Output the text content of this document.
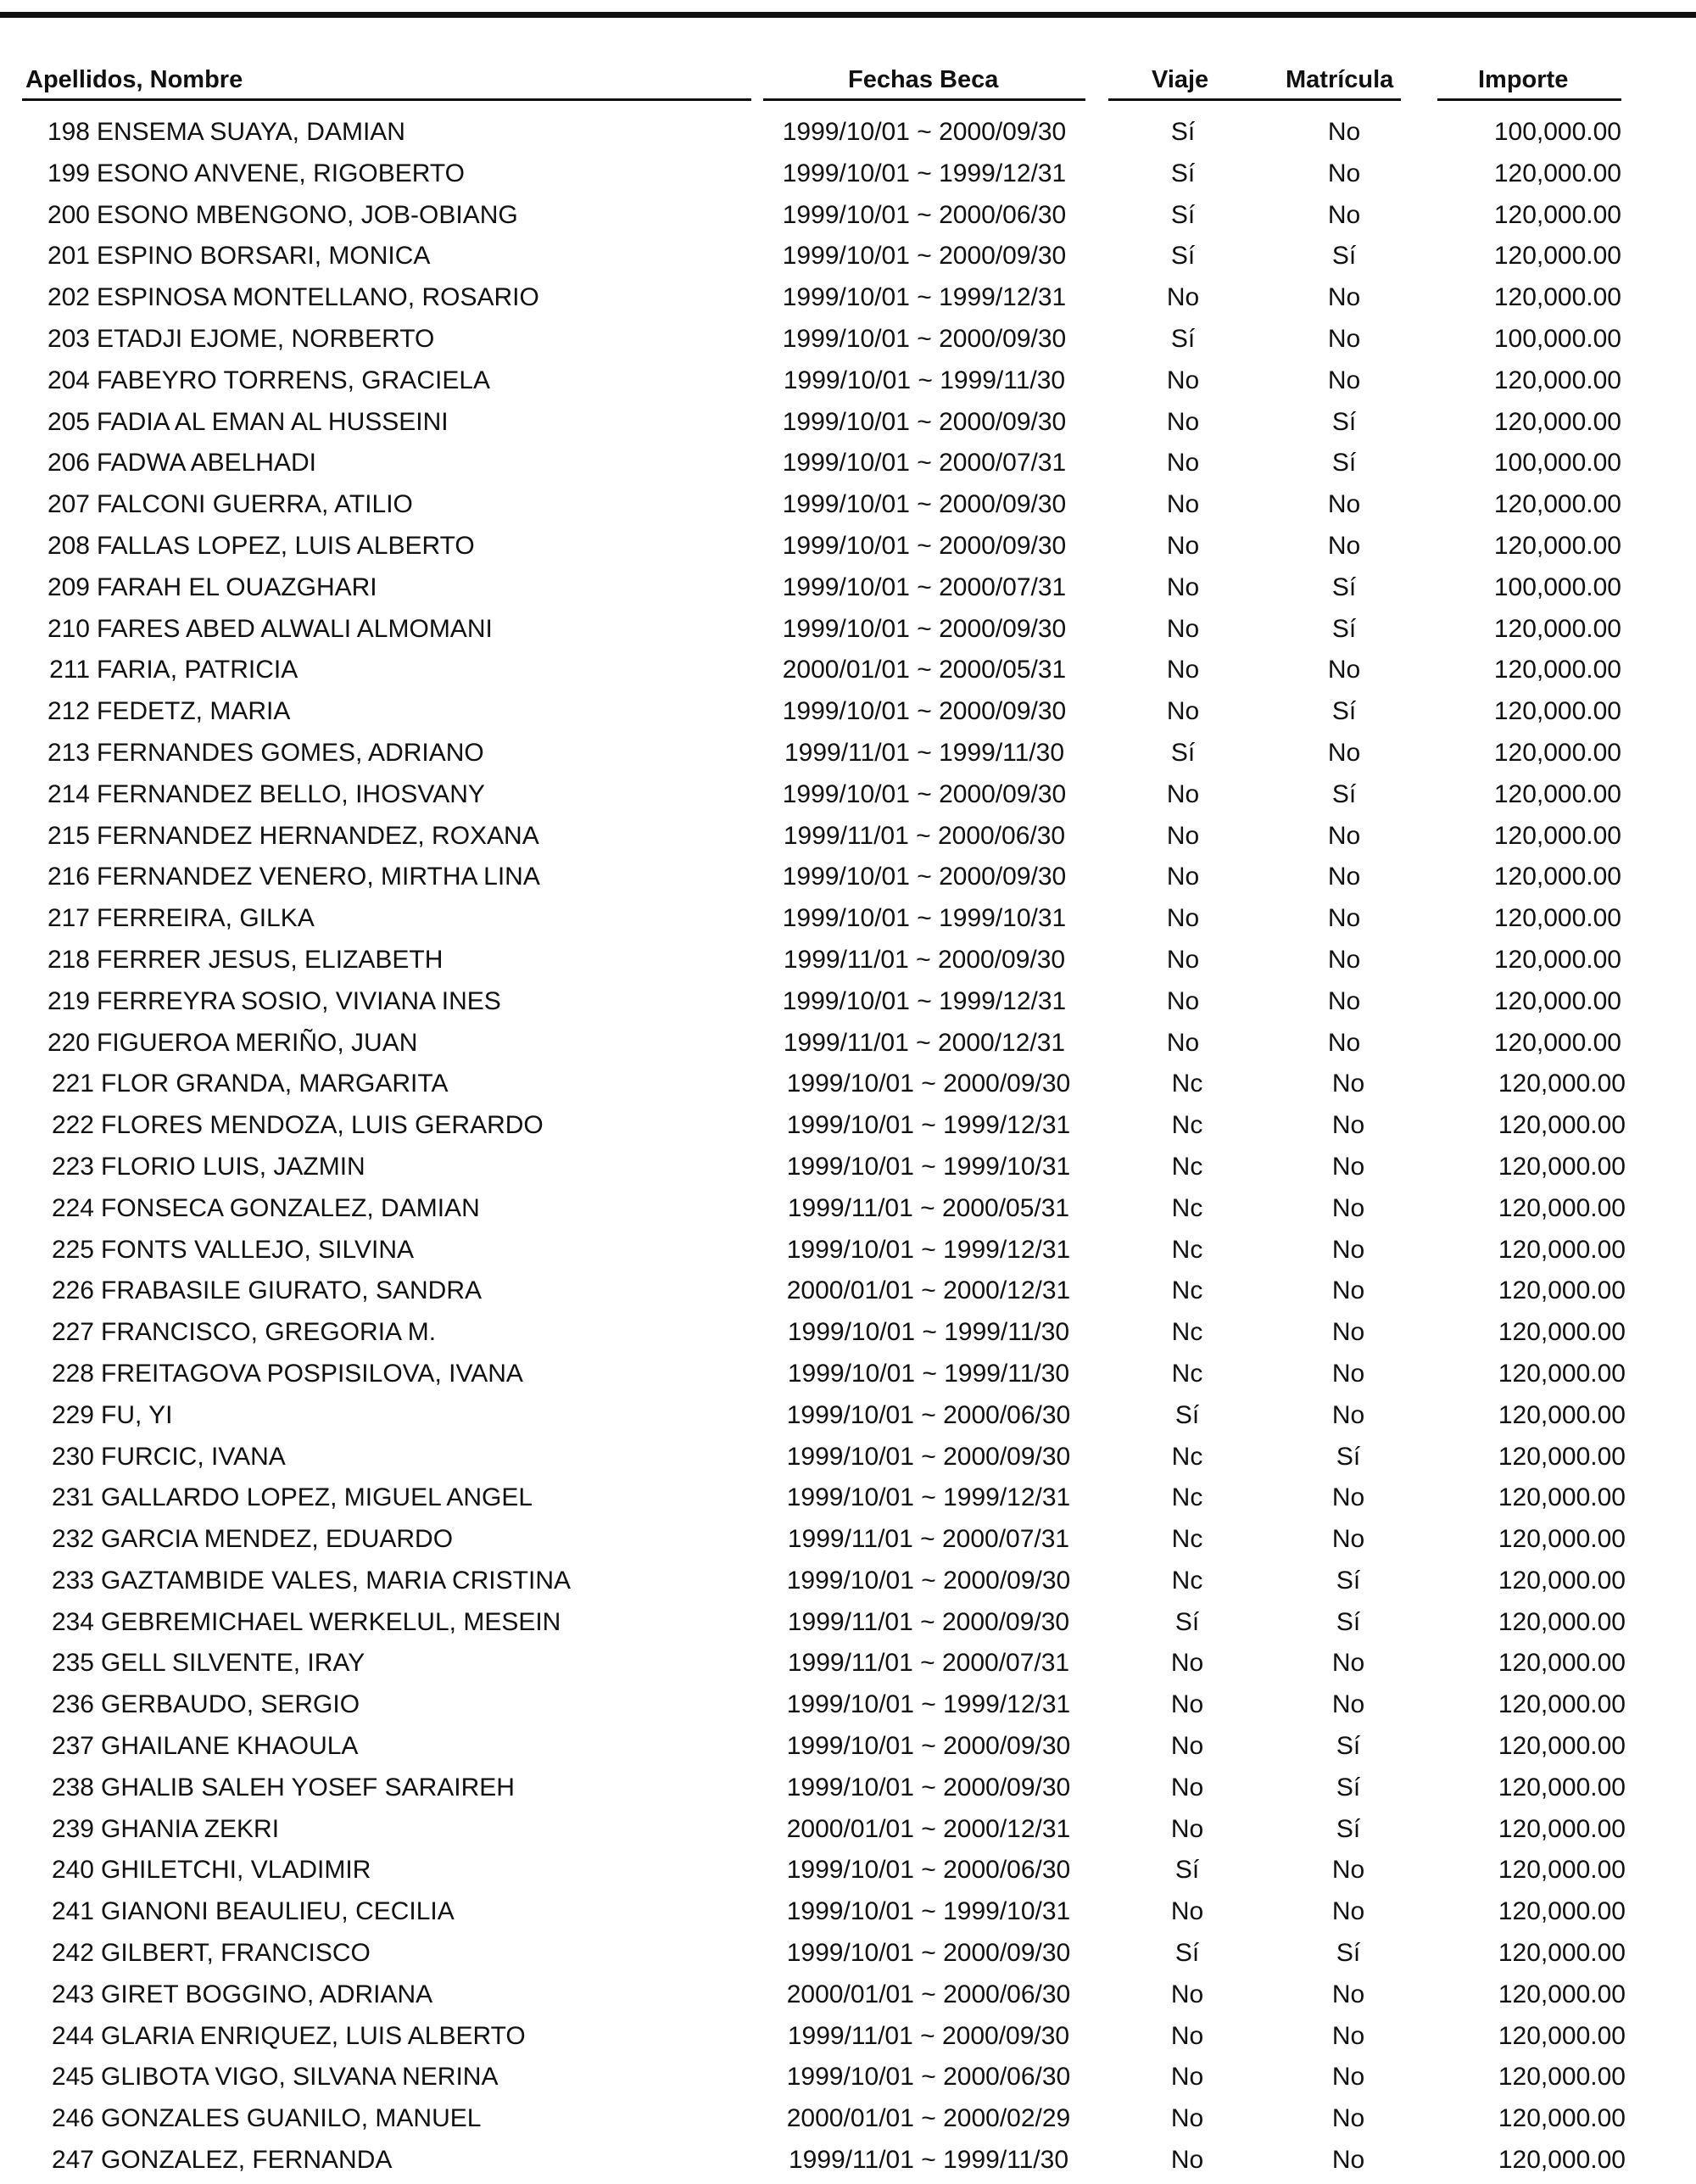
Apellidos, Nombre	Fechas Beca	Viaje	Matrícula	Importe
198 ENSEMA SUAYA, DAMIAN	1999/10/01 ~ 2000/09/30	Sí	No	100,000.00
199 ESONO ANVENE, RIGOBERTO	1999/10/01 ~ 1999/12/31	Sí	No	120,000.00
200 ESONO MBENGONO, JOB-OBIANG	1999/10/01 ~ 2000/06/30	Sí	No	120,000.00
201 ESPINO BORSARI, MONICA	1999/10/01 ~ 2000/09/30	Sí	Sí	120,000.00
202 ESPINOSA MONTELLANO, ROSARIO	1999/10/01 ~ 1999/12/31	No	No	120,000.00
203 ETADJI EJOME, NORBERTO	1999/10/01 ~ 2000/09/30	Sí	No	100,000.00
204 FABEYRO TORRENS, GRACIELA	1999/10/01 ~ 1999/11/30	No	No	120,000.00
205 FADIA AL EMAN AL HUSSEINI	1999/10/01 ~ 2000/09/30	No	Sí	120,000.00
206 FADWA ABELHADI	1999/10/01 ~ 2000/07/31	No	Sí	100,000.00
207 FALCONI GUERRA, ATILIO	1999/10/01 ~ 2000/09/30	No	No	120,000.00
208 FALLAS LOPEZ, LUIS ALBERTO	1999/10/01 ~ 2000/09/30	No	No	120,000.00
209 FARAH EL OUAZGHARI	1999/10/01 ~ 2000/07/31	No	Sí	100,000.00
210 FARES ABED ALWALI ALMOMANI	1999/10/01 ~ 2000/09/30	No	Sí	120,000.00
211 FARIA, PATRICIA	2000/01/01 ~ 2000/05/31	No	No	120,000.00
212 FEDETZ, MARIA	1999/10/01 ~ 2000/09/30	No	Sí	120,000.00
213 FERNANDES GOMES, ADRIANO	1999/11/01 ~ 1999/11/30	Sí	No	120,000.00
214 FERNANDEZ BELLO, IHOSVANY	1999/10/01 ~ 2000/09/30	No	Sí	120,000.00
215 FERNANDEZ HERNANDEZ, ROXANA	1999/11/01 ~ 2000/06/30	No	No	120,000.00
216 FERNANDEZ VENERO, MIRTHA LINA	1999/10/01 ~ 2000/09/30	No	No	120,000.00
217 FERREIRA, GILKA	1999/10/01 ~ 1999/10/31	No	No	120,000.00
218 FERRER JESUS, ELIZABETH	1999/11/01 ~ 2000/09/30	No	No	120,000.00
219 FERREYRA SOSIO, VIVIANA INES	1999/10/01 ~ 1999/12/31	No	No	120,000.00
220 FIGUEROA MERIÑO, JUAN	1999/11/01 ~ 2000/12/31	No	No	120,000.00
221 FLOR GRANDA, MARGARITA	1999/10/01 ~ 2000/09/30	Nc	No	120,000.00
222 FLORES MENDOZA, LUIS GERARDO	1999/10/01 ~ 1999/12/31	Nc	No	120,000.00
223 FLORIO LUIS, JAZMIN	1999/10/01 ~ 1999/10/31	Nc	No	120,000.00
224 FONSECA GONZALEZ, DAMIAN	1999/11/01 ~ 2000/05/31	Nc	No	120,000.00
225 FONTS VALLEJO, SILVINA	1999/10/01 ~ 1999/12/31	Nc	No	120,000.00
226 FRABASILE GIURATO, SANDRA	2000/01/01 ~ 2000/12/31	Nc	No	120,000.00
227 FRANCISCO, GREGORIA M.	1999/10/01 ~ 1999/11/30	Nc	No	120,000.00
228 FREITAGOVA POSPISILOVA, IVANA	1999/10/01 ~ 1999/11/30	Nc	No	120,000.00
229 FU, YI	1999/10/01 ~ 2000/06/30	Sí	No	120,000.00
230 FURCIC, IVANA	1999/10/01 ~ 2000/09/30	Nc	Sí	120,000.00
231 GALLARDO LOPEZ, MIGUEL ANGEL	1999/10/01 ~ 1999/12/31	Nc	No	120,000.00
232 GARCIA MENDEZ, EDUARDO	1999/11/01 ~ 2000/07/31	Nc	No	120,000.00
233 GAZTAMBIDE VALES, MARIA CRISTINA	1999/10/01 ~ 2000/09/30	Nc	Sí	120,000.00
234 GEBREMICHAEL WERKELUL, MESEIN	1999/11/01 ~ 2000/09/30	Sí	Sí	120,000.00
235 GELL SILVENTE, IRAY	1999/11/01 ~ 2000/07/31	No	No	120,000.00
236 GERBAUDO, SERGIO	1999/10/01 ~ 1999/12/31	No	No	120,000.00
237 GHAILANE KHAOULA	1999/10/01 ~ 2000/09/30	No	Sí	120,000.00
238 GHALIB SALEH YOSEF SARAIREH	1999/10/01 ~ 2000/09/30	No	Sí	120,000.00
239 GHANIA ZEKRI	2000/01/01 ~ 2000/12/31	No	Sí	120,000.00
240 GHILETCHI, VLADIMIR	1999/10/01 ~ 2000/06/30	Sí	No	120,000.00
241 GIANONI BEAULIEU, CECILIA	1999/10/01 ~ 1999/10/31	No	No	120,000.00
242 GILBERT, FRANCISCO	1999/10/01 ~ 2000/09/30	Sí	Sí	120,000.00
243 GIRET BOGGINO, ADRIANA	2000/01/01 ~ 2000/06/30	No	No	120,000.00
244 GLARIA ENRIQUEZ, LUIS ALBERTO	1999/11/01 ~ 2000/09/30	No	No	120,000.00
245 GLIBOTA VIGO, SILVANA NERINA	1999/10/01 ~ 2000/06/30	No	No	120,000.00
246 GONZALES GUANILO, MANUEL	2000/01/01 ~ 2000/02/29	No	No	120,000.00
247 GONZALEZ, FERNANDA	1999/11/01 ~ 1999/11/30	No	No	120,000.00
